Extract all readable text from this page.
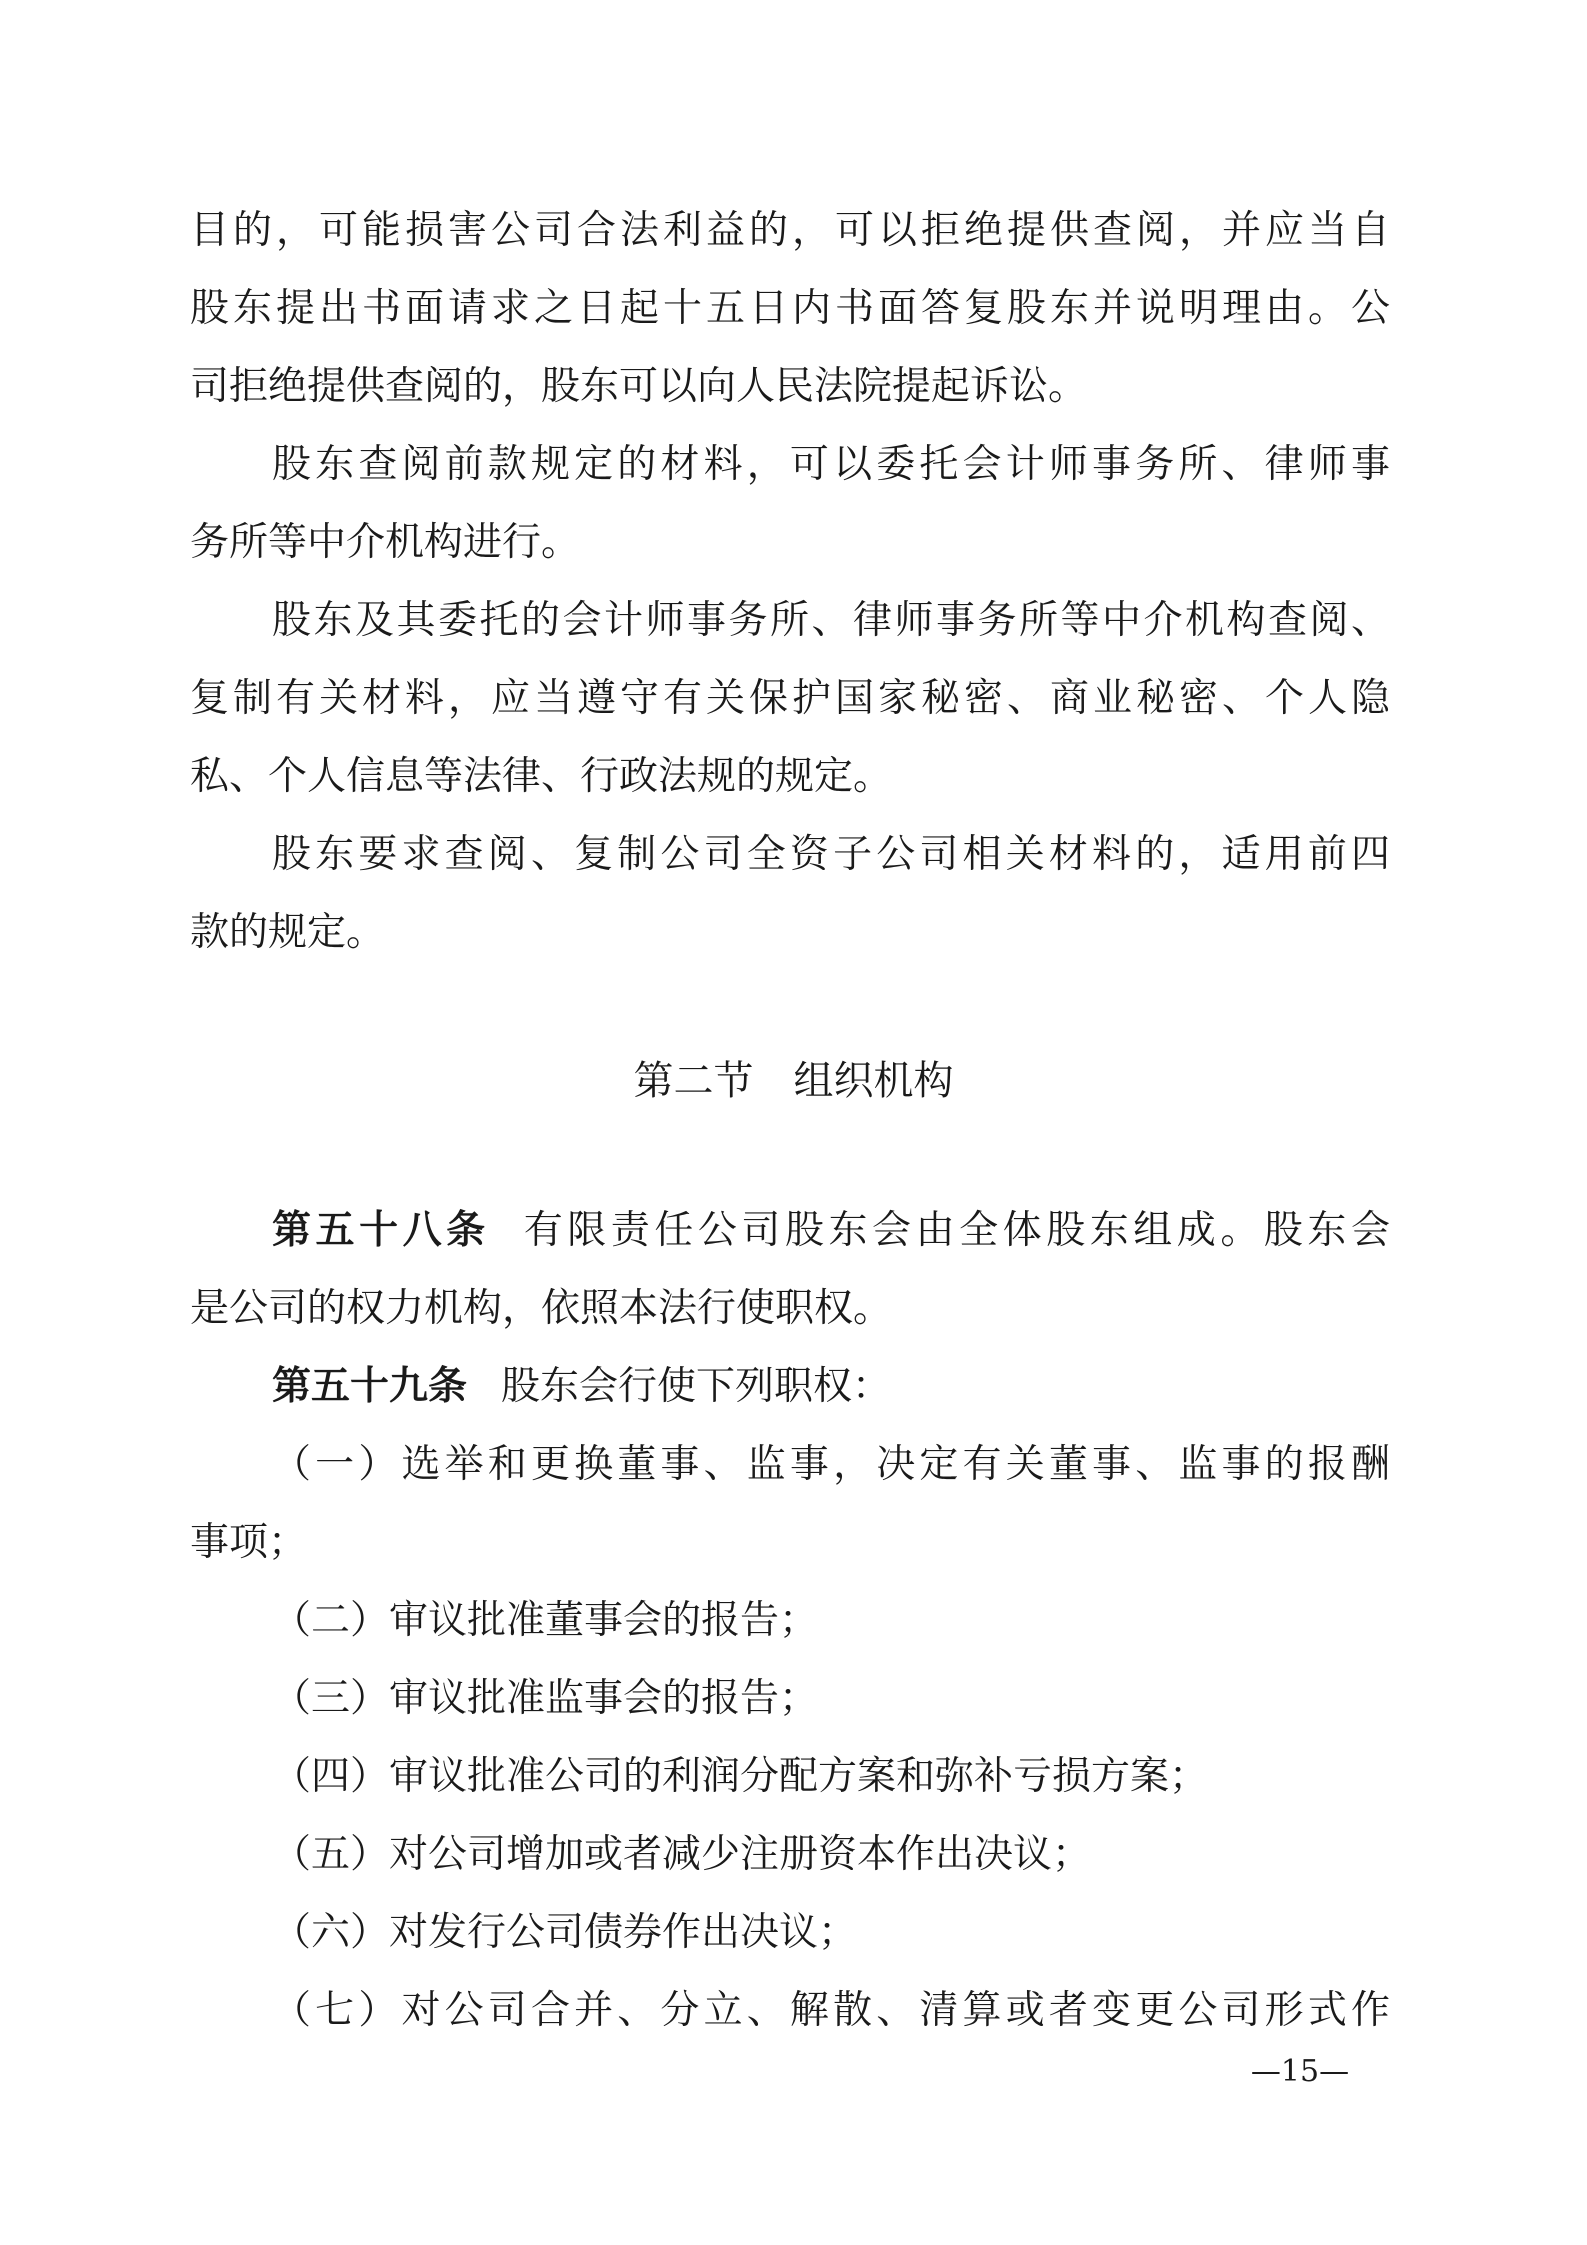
目的，可能损害公司合法利益的，可以拒绝提供查阅，并应当自
股东提出书面请求之日起十五日内书面答复股东并说明理由。公
司拒绝提供查阅的，股东可以向人民法院提起诉讼。
股东查阅前款规定的材料，可以委托会计师事务所、律师事
务所等中介机构进行。
股东及其委托的会计师事务所、律师事务所等中介机构查阅、
复制有关材料，应当遵守有关保护国家秘密、商业秘密、个人隐
私、个人信息等法律、行政法规的规定。
股东要求查阅、复制公司全资子公司相关材料的，适用前四
款的规定。
第二节　组织机构
第五十八条 有限责任公司股东会由全体股东组成。股东会
是公司的权力机构，依照本法行使职权。
第五十九条 股东会行使下列职权：
（一）选举和更换董事、监事，决定有关董事、监事的报酬
事项；
（二）审议批准董事会的报告；
（三）审议批准监事会的报告；
（四）审议批准公司的利润分配方案和弥补亏损方案；
（五）对公司增加或者减少注册资本作出决议；
（六）对发行公司债券作出决议；
（七）对公司合并、分立、解散、清算或者变更公司形式作
—15—
